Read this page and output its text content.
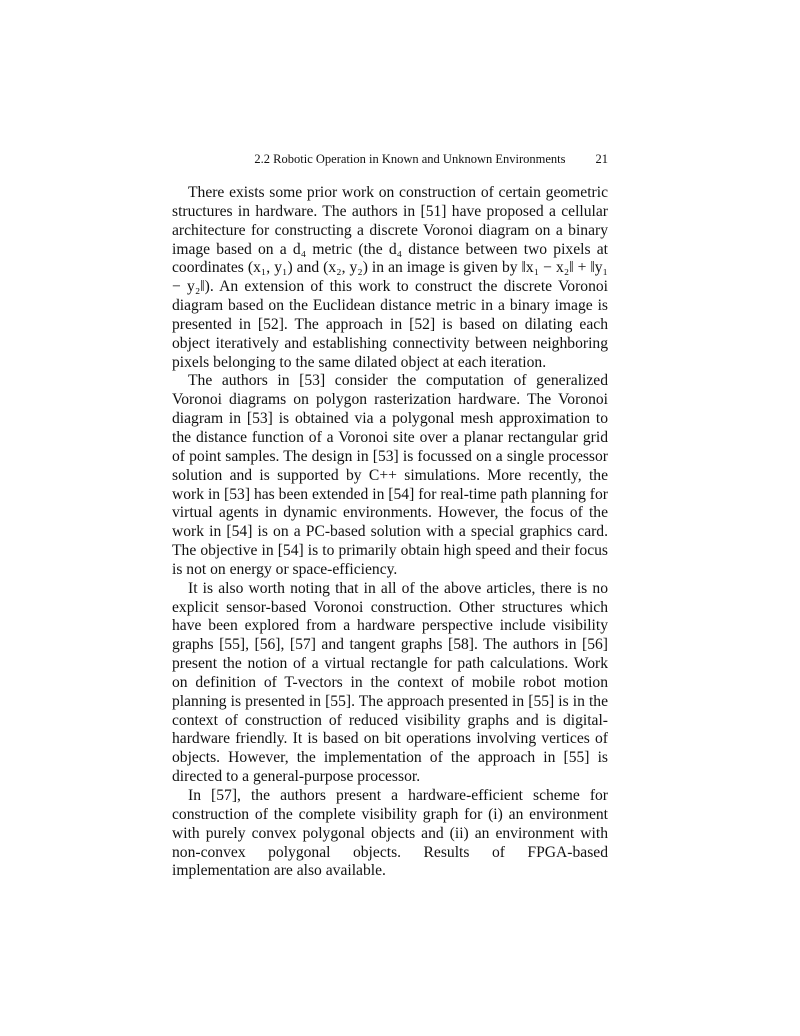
2.2 Robotic Operation in Known and Unknown Environments 21

There exists some prior work on construction of certain geometric structures in hardware. The authors in [51] have proposed a cellular architecture for constructing a discrete Voronoi diagram on a binary image based on a d₄ metric (the d₄ distance between two pixels at coordinates (x₁, y₁) and (x₂, y₂) in an image is given by ‖x₁ − x₂‖ + ‖y₁ − y₂‖). An extension of this work to construct the discrete Voronoi diagram based on the Euclidean distance metric in a binary image is presented in [52]. The approach in [52] is based on dilating each object iteratively and establishing connectivity between neighboring pixels belonging to the same dilated object at each iteration.

The authors in [53] consider the computation of generalized Voronoi diagrams on polygon rasterization hardware. The Voronoi diagram in [53] is obtained via a polygonal mesh approximation to the distance function of a Voronoi site over a planar rectangular grid of point samples. The design in [53] is focussed on a single processor solution and is supported by C++ simulations. More recently, the work in [53] has been extended in [54] for real-time path planning for virtual agents in dynamic environments. However, the focus of the work in [54] is on a PC-based solution with a special graphics card. The objective in [54] is to primarily obtain high speed and their focus is not on energy or space-efficiency.

It is also worth noting that in all of the above articles, there is no explicit sensor-based Voronoi construction. Other structures which have been explored from a hardware perspective include visibility graphs [55], [56], [57] and tangent graphs [58]. The authors in [56] present the notion of a virtual rectangle for path calculations. Work on definition of T-vectors in the context of mobile robot motion planning is presented in [55]. The approach presented in [55] is in the context of construction of reduced visibility graphs and is digital-hardware friendly. It is based on bit operations involving vertices of objects. However, the implementation of the approach in [55] is directed to a general-purpose processor.

In [57], the authors present a hardware-efficient scheme for construction of the complete visibility graph for (i) an environment with purely convex polygonal objects and (ii) an environment with non-convex polygonal objects. Results of FPGA-based implementation are also available.
